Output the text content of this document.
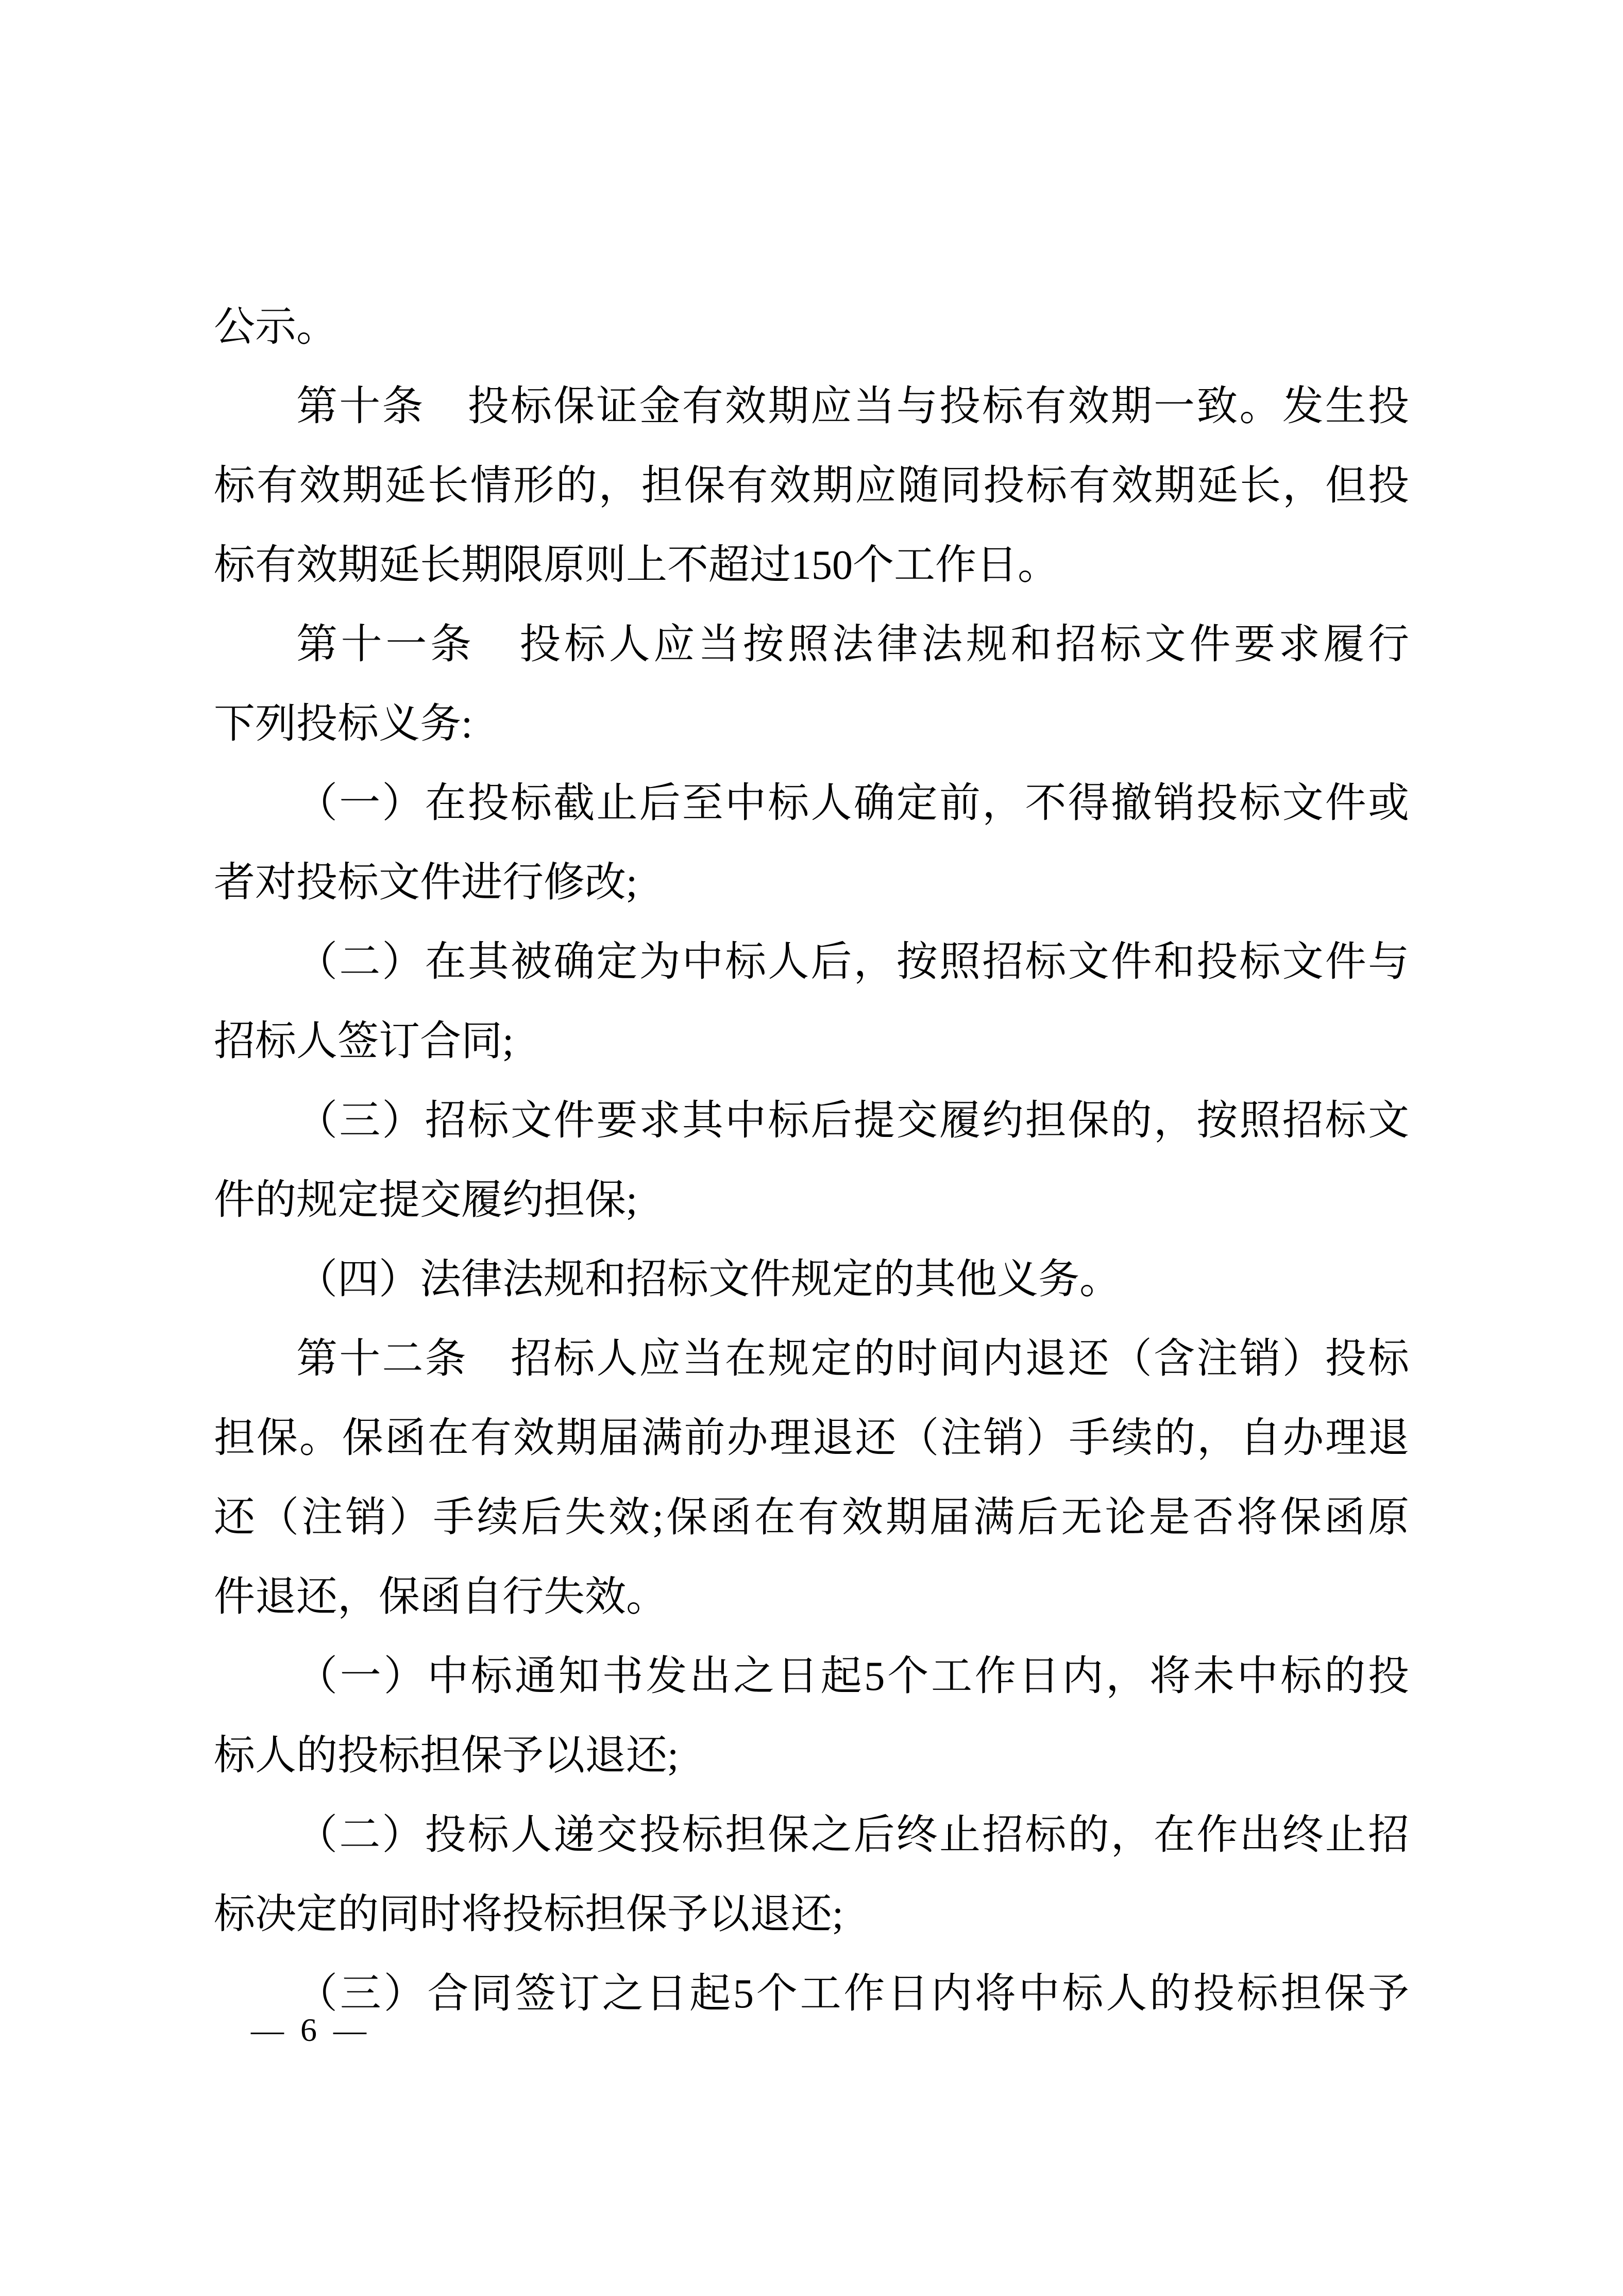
公示。
第十条　投标保证金有效期应当与投标有效期一致。发生投
标有效期延长情形的，担保有效期应随同投标有效期延长，但投
标有效期延长期限原则上不超过150个工作日。
第十一条　投标人应当按照法律法规和招标文件要求履行
下列投标义务:
（一）在投标截止后至中标人确定前，不得撤销投标文件或
者对投标文件进行修改;
（二）在其被确定为中标人后，按照招标文件和投标文件与
招标人签订合同;
（三）招标文件要求其中标后提交履约担保的，按照招标文
件的规定提交履约担保;
（四）法律法规和招标文件规定的其他义务。
第十二条　招标人应当在规定的时间内退还（含注销）投标
担保。保函在有效期届满前办理退还（注销）手续的，自办理退
还（注销）手续后失效;保函在有效期届满后无论是否将保函原
件退还，保函自行失效。
（一）中标通知书发出之日起5个工作日内，将未中标的投
标人的投标担保予以退还;
（二）投标人递交投标担保之后终止招标的，在作出终止招
标决定的同时将投标担保予以退还;
（三）合同签订之日起5个工作日内将中标人的投标担保予
— 6 —
